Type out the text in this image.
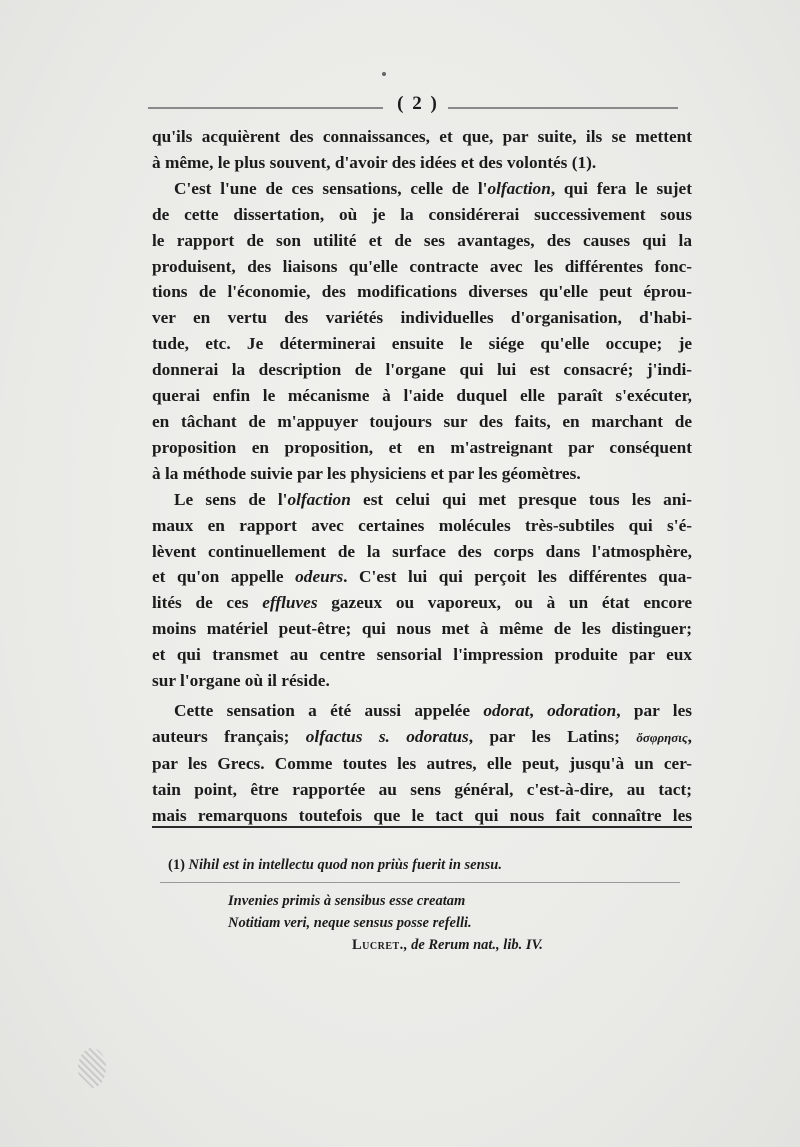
( 2 )

qu'ils acquièrent des connaissances, et que, par suite, ils se mettent
à même, le plus souvent, d'avoir des idées et des volontés (1).

C'est l'une de ces sensations, celle de l'olfaction, qui fera le sujet
de cette dissertation, où je la considérerai successivement sous
le rapport de son utilité et de ses avantages, des causes qui la
produisent, des liaisons qu'elle contracte avec les différentes fonc-
tions de l'économie, des modifications diverses qu'elle peut éprou-
ver en vertu des variétés individuelles d'organisation, d'habi-
tude, etc. Je déterminerai ensuite le siége qu'elle occupe; je
donnerai la description de l'organe qui lui est consacré; j'indi-
querai enfin le mécanisme à l'aide duquel elle paraît s'exécuter,
en tâchant de m'appuyer toujours sur des faits, en marchant de
proposition en proposition, et en m'astreignant par conséquent
à la méthode suivie par les physiciens et par les géomètres.

Le sens de l'olfaction est celui qui met presque tous les ani-
maux en rapport avec certaines molécules très-subtiles qui s'é-
lèvent continuellement de la surface des corps dans l'atmosphère,
et qu'on appelle odeurs. C'est lui qui perçoit les différentes qua-
lités de ces effluves gazeux ou vaporeux, ou à un état encore
moins matériel peut-être; qui nous met à même de les distinguer;
et qui transmet au centre sensorial l'impression produite par eux
sur l'organe où il réside.

Cette sensation a été aussi appelée odorat, odoration, par les
auteurs français; olfactus s. odoratus, par les Latins; ὄσφρησις,
par les Grecs. Comme toutes les autres, elle peut, jusqu'à un cer-
tain point, être rapportée au sens général, c'est-à-dire, au tact;
mais remarquons toutefois que le tact qui nous fait connaître les

(1) Nihil est in intellectu quod non priùs fuerit in sensu.
Invenies primis à sensibus esse creatam
Notitiam veri, neque sensus posse refelli.
Lucret., de Rerum nat., lib. IV.
